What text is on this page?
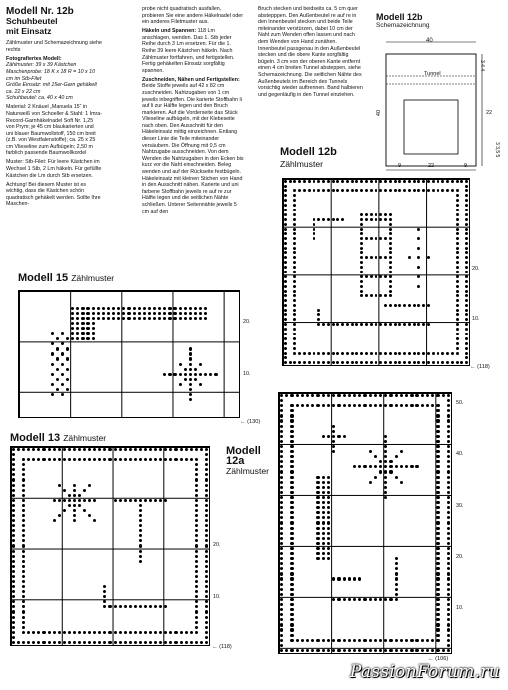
Modell Nr. 12b
Schuhbeutel
mit Einsatz

Zählmuster und Schemazeichnung siehe rechts

Fotografiertes Modell:
Zählmuster: 39 x 39 Kästchen
Maschenprobe: 18 K x 18 R = 10 x 10 cm im Stb-Filet
Größe Einsatz: mit 15er-Garn gehäkelt ca. 22 x 22 cm
Schuhbeutel: ca. 40 x 40 cm

Material: 2 Knäuel „Manuela 15“ in Naturweiß von Schoeller & Stahl: 1 Imra-Record-Garnhäkelnadel Soft Nr. 1,25 von Prym; je 45 cm blaukarierten und uni blauer Baumwollstoff, 150 cm breit (z.B. von Westfalenstoffe); ca. 25 x 25 cm Vlieseline zum Aufbügeln; 2,50 m farblich passende Baumwollkordel

Muster: Stb-Filet: Für leere Kästchen im Wechsel 1 Stb, 2 Lm häkeln. Für gefüllte Kästchen die Lm durch Stb ersetzen.

Achtung! Bei diesem Muster ist es wichtig, dass die Kästchen schön quadratisch gehäkelt werden. Sollte Ihre Maschen-

probe nicht quadratisch ausfallen, probieren Sie eine andere Häkelnadel oder ein anderes Filetmuster aus.

Häkeln und Spannen: 118 Lm anschlagen, wenden. Das 1. Stb jeder Reihe durch 3 Lm ersetzen. Für die 1. Reihe 39 leere Kästchen häkeln. Nach Zählmuster fortfahren, und fertigstellen. Fertig gehäkelten Einsatz sorgfältig spannen.

Zuschneiden, Nähen und Fertigstellen: Beide Stoffe jeweils auf 42 x 82 cm zuschneiden. Nahtzugaben von 1 cm jeweils inbegriffen. Die karierte Stoffbahn li auf li zur Hälfte legen und den Bruch markieren. Auf die Vorderseite das Stück Vlieseline aufbügeln, mit der Klebeseite nach oben. Den Ausschnitt für den Häkeleinsatz mittig einzeichnen. Entlang dieser Linie die Teile miteinander versäubern. Die Öffnung mit 0,5 cm Nahtzugabe ausschneiden. Von dem Wenden die Nahtzugaben in den Ecken bis kurz vor die Naht einschneiden. Beleg wenden und auf der Rückseite festbügeln. Häkeleinsatz mit kleinen Stichen von Hand in den Ausschnitt nähen. Karierte und uni farbene Stoffbahn jeweils re auf re zur Hälfte legen und die seitlichen Nähte schließen. Unterer Seitennähte jeweils 5 cm auf den

Bruch stecken und beidseits ca. 5 cm quer abstepppen. Den Außenbeutel re auf re in den Innenbeutel stecken und beide Teile miteinander verstürzen, dabei 10 cm der Naht zum Wenden offen lassen und nach dem Wenden von Hand zunähen. Innenbeutel passgenau in den Außenbeutel stecken und die obere Kante sorgfältig bügeln. 3 cm von der oberen Kante entfernt einen 4 cm breiten Tunnel absteppen, siehe Schemazeichnung. Die seitlichen Nähte des Außenbeutels im Bereich des Tunnels vorsichtig wieder auftrennen. Band halbieren und gegenläufig in den Tunnel einziehen.

Modell 12b
Schemazeichnung
40
Tunnel
40	22
3 4 4
3 3,5 5
9	22	9
Modell 12b
Zählmuster
20.
10.
← (118)
Modell 15 Zählmuster
20.
10.
← (130)
Modell 13 Zählmuster
20.
10.
← (118)
Modell
12a
Zählmuster
50.
40.
30.
20.
10.
← (106)
PassionForum.ru
